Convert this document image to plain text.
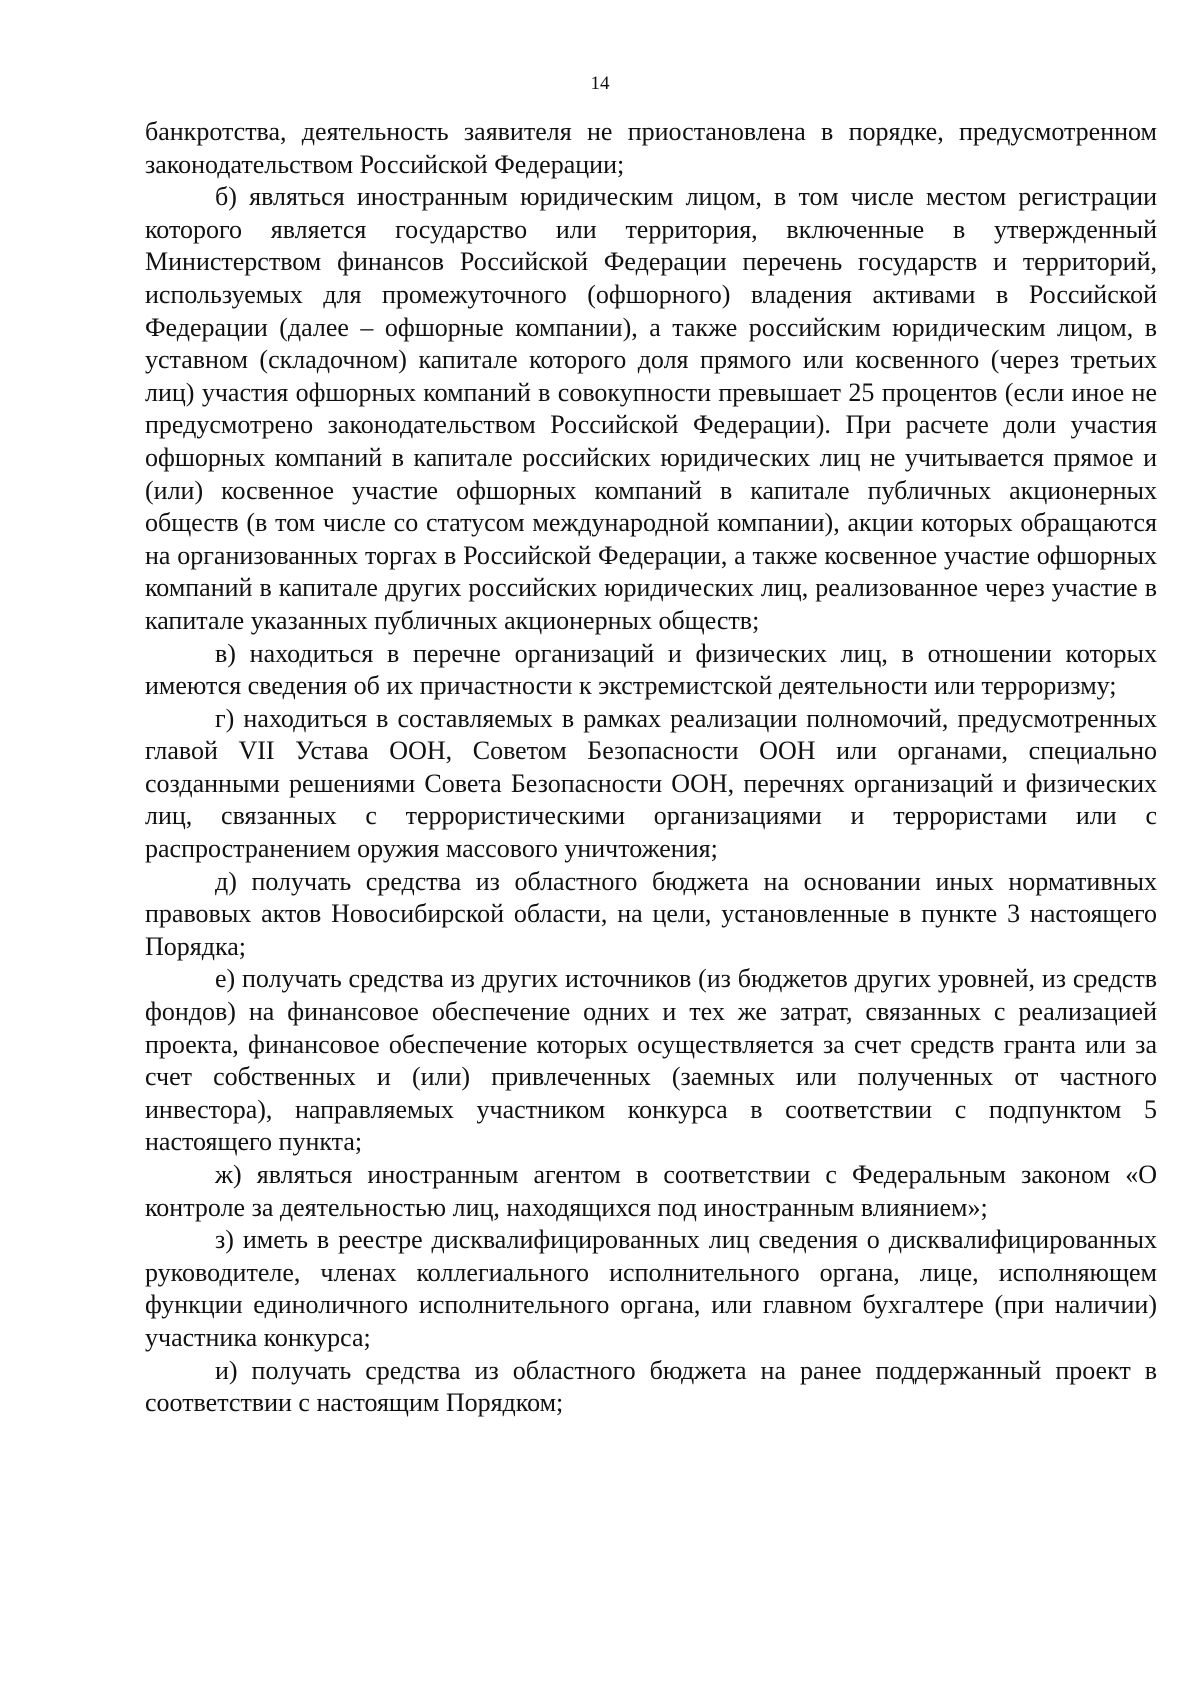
14

банкротства, деятельность заявителя не приостановлена в порядке, предусмотренном законодательством Российской Федерации;

б) являться иностранным юридическим лицом, в том числе местом регистрации которого является государство или территория, включенные в утвержденный Министерством финансов Российской Федерации перечень государств и территорий, используемых для промежуточного (офшорного) владения активами в Российской Федерации (далее – офшорные компании), а также российским юридическим лицом, в уставном (складочном) капитале которого доля прямого или косвенного (через третьих лиц) участия офшорных компаний в совокупности превышает 25 процентов (если иное не предусмотрено законодательством Российской Федерации). При расчете доли участия офшорных компаний в капитале российских юридических лиц не учитывается прямое и (или) косвенное участие офшорных компаний в капитале публичных акционерных обществ (в том числе со статусом международной компании), акции которых обращаются на организованных торгах в Российской Федерации, а также косвенное участие офшорных компаний в капитале других российских юридических лиц, реализованное через участие в капитале указанных публичных акционерных обществ;

в) находиться в перечне организаций и физических лиц, в отношении которых имеются сведения об их причастности к экстремистской деятельности или терроризму;

г) находиться в составляемых в рамках реализации полномочий, предусмотренных главой VII Устава ООН, Советом Безопасности ООН или органами, специально созданными решениями Совета Безопасности ООН, перечнях организаций и физических лиц, связанных с террористическими организациями и террористами или с распространением оружия массового уничтожения;

д) получать средства из областного бюджета на основании иных нормативных правовых актов Новосибирской области, на цели, установленные в пункте 3 настоящего Порядка;

е) получать средства из других источников (из бюджетов других уровней, из средств фондов) на финансовое обеспечение одних и тех же затрат, связанных с реализацией проекта, финансовое обеспечение которых осуществляется за счет средств гранта или за счет собственных и (или) привлеченных (заемных или полученных от частного инвестора), направляемых участником конкурса в соответствии с подпунктом 5 настоящего пункта;

ж) являться иностранным агентом в соответствии с Федеральным законом «О контроле за деятельностью лиц, находящихся под иностранным влиянием»;

з) иметь в реестре дисквалифицированных лиц сведения о дисквалифицированных руководителе, членах коллегиального исполнительного органа, лице, исполняющем функции единоличного исполнительного органа, или главном бухгалтере (при наличии) участника конкурса;

и) получать средства из областного бюджета на ранее поддержанный проект в соответствии с настоящим Порядком;
